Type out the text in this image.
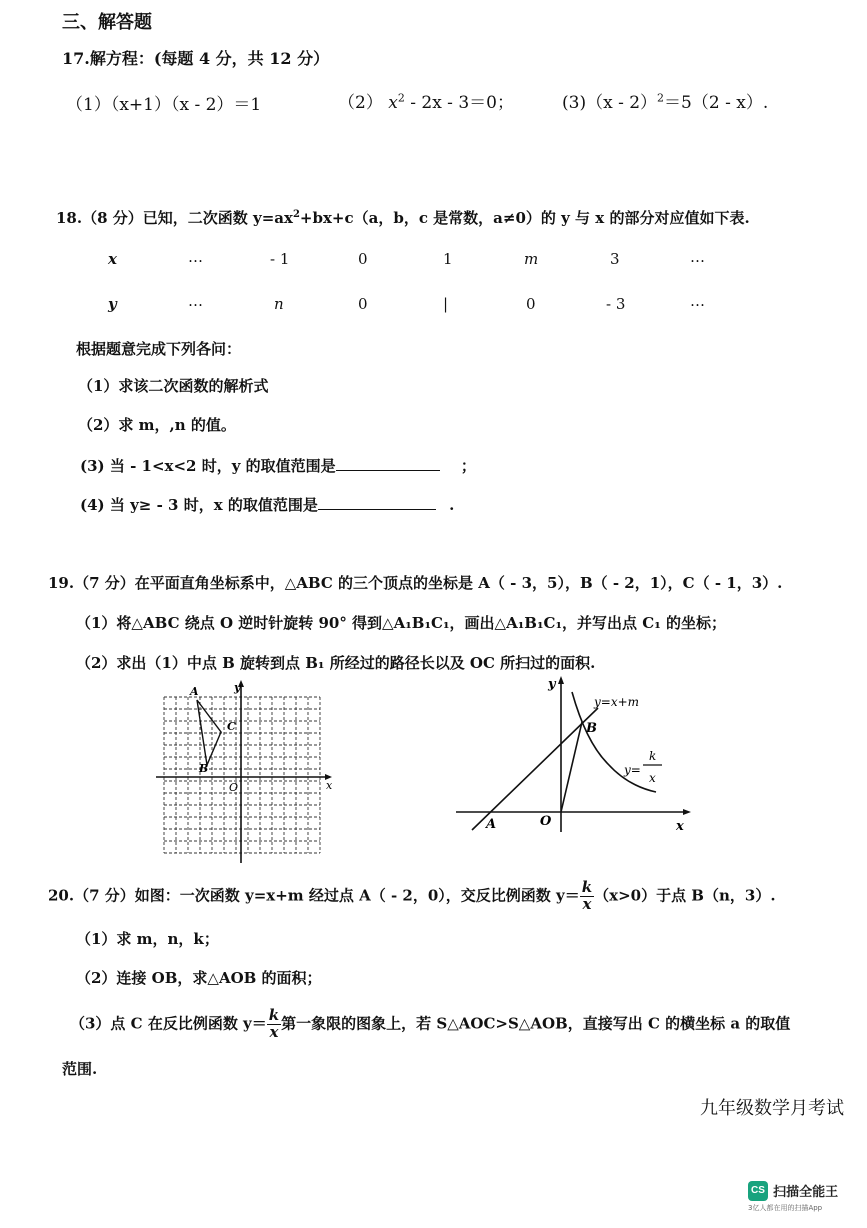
三、解答题
17.解方程：(每题 4 分，共 12 分）
（1）（x+1）（x - 2）＝1	（2） $x^2 - 2x - 3=0$；	(3)（x - 2）$^2$＝5（2 - x）.
18.（8 分）已知，二次函数 $y=ax^2+bx+c(a$，b，c 是常数，a≠0）的 y 与 x 的部分对应值如下表.
x	…	- 1	0	1	m	3	…
y	…	n	0	|	0	- 3	…
根据题意完成下列各问：
（1）求该二次函数的解析式
（2）求 m，,n 的值。
(3) 当 - 1<x<2 时，y 的取值范围是	；
(4) 当 y≥ - 3 时，x 的取值范围是	.
19.（7 分）在平面直角坐标系中，△ABC 的三个顶点的坐标是 A（ - 3，5），B（ - 2，1），C（ - 1，3）.
（1）将△ABC 绕点 O 逆时针旋转 90° 得到△A₁B₁C₁，画出△A₁B₁C₁，并写出点 C₁ 的坐标；
（2）求出（1）中点 B 旋转到点 B₁ 所经过的路径长以及 OC 所扫过的面积.
A
B
C
O	x
y	y
x
O
A
B
y=x+m
y=
k
x
20.（7 分）如图：一次函数 y=x+m 经过点 A（ - 2，0），交反比例函数 $y= \frac{k}{x} (x>0)$于点 B（n，3）.
（1）求 m，n，k；
（2）连接 OB，求△AOB 的面积；
（3）点 C 在反比例函数 $y= \frac{k}{x}$ 第一象限的图象上，若 S△AOC>S△AOB，直接写出 C 的横坐标 a 的取值
范围.
九年级数学月考试
CS 扫描全能王
3亿人都在用的扫描App
